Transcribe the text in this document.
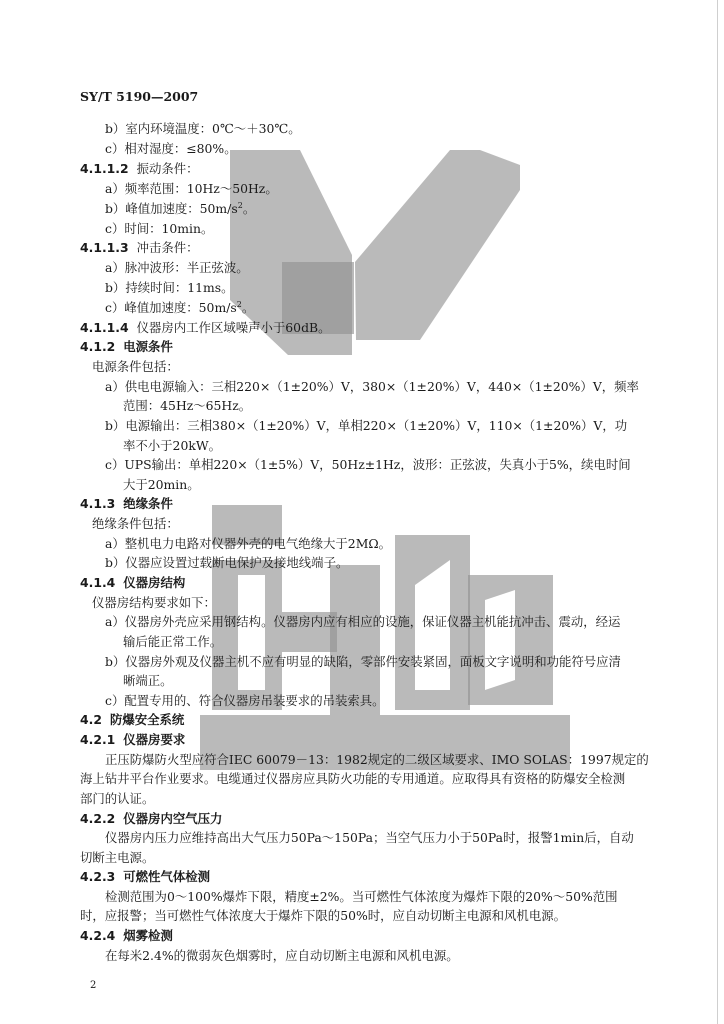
SY/T 5190—2007
b）室内环境温度：0℃～＋30℃。
c）相对湿度：≤80%。
4.1.1.2 振动条件：
a）频率范围：10Hz～50Hz。
b）峰值加速度：$50m/s^2$。
c）时间：10min。
4.1.1.3 冲击条件：
a）脉冲波形：半正弦波。
b）持续时间：11ms。
c）峰值加速度：$50m/s^2$。
4.1.1.4 仪器房内工作区域噪声小于60dB。
4.1.2 电源条件
电源条件包括：
a）供电电源输入：三相220×（1±20%）V，380×（1±20%）V，440×（1±20%）V，频率
范围：45Hz～65Hz。
b）电源输出：三相380×（1±20%）V，单相220×（1±20%）V，110×（1±20%）V，功
率不小于20kW。
c）UPS输出：单相220×（1±5%）V，50Hz±1Hz，波形：正弦波，失真小于5%，续电时间
大于20min。
4.1.3 绝缘条件
绝缘条件包括：
a）整机电力电路对仪器外壳的电气绝缘大于2MΩ。
b）仪器应设置过载断电保护及接地线端子。
4.1.4 仪器房结构
仪器房结构要求如下：
a）仪器房外壳应采用钢结构。仪器房内应有相应的设施，保证仪器主机能抗冲击、震动，经运
输后能正常工作。
b）仪器房外观及仪器主机不应有明显的缺陷，零部件安装紧固，面板文字说明和功能符号应清
晰端正。
c）配置专用的、符合仪器房吊装要求的吊装索具。
4.2 防爆安全系统
4.2.1 仪器房要求
正压防爆防火型应符合IEC 60079－13：1982规定的二级区域要求、IMO SOLAS：1997规定的
海上钻井平台作业要求。电缆通过仪器房应具防火功能的专用通道。应取得具有资格的防爆安全检测
部门的认证。
4.2.2 仪器房内空气压力
仪器房内压力应维持高出大气压力50Pa～150Pa；当空气压力小于50Pa时，报警1min后，自动
切断主电源。
4.2.3 可燃性气体检测
检测范围为0～100%爆炸下限，精度±2%。当可燃性气体浓度为爆炸下限的20%～50%范围
时，应报警；当可燃性气体浓度大于爆炸下限的50%时，应自动切断主电源和风机电源。
4.2.4 烟雾检测
在每米2.4%的微弱灰色烟雾时，应自动切断主电源和风机电源。
2
